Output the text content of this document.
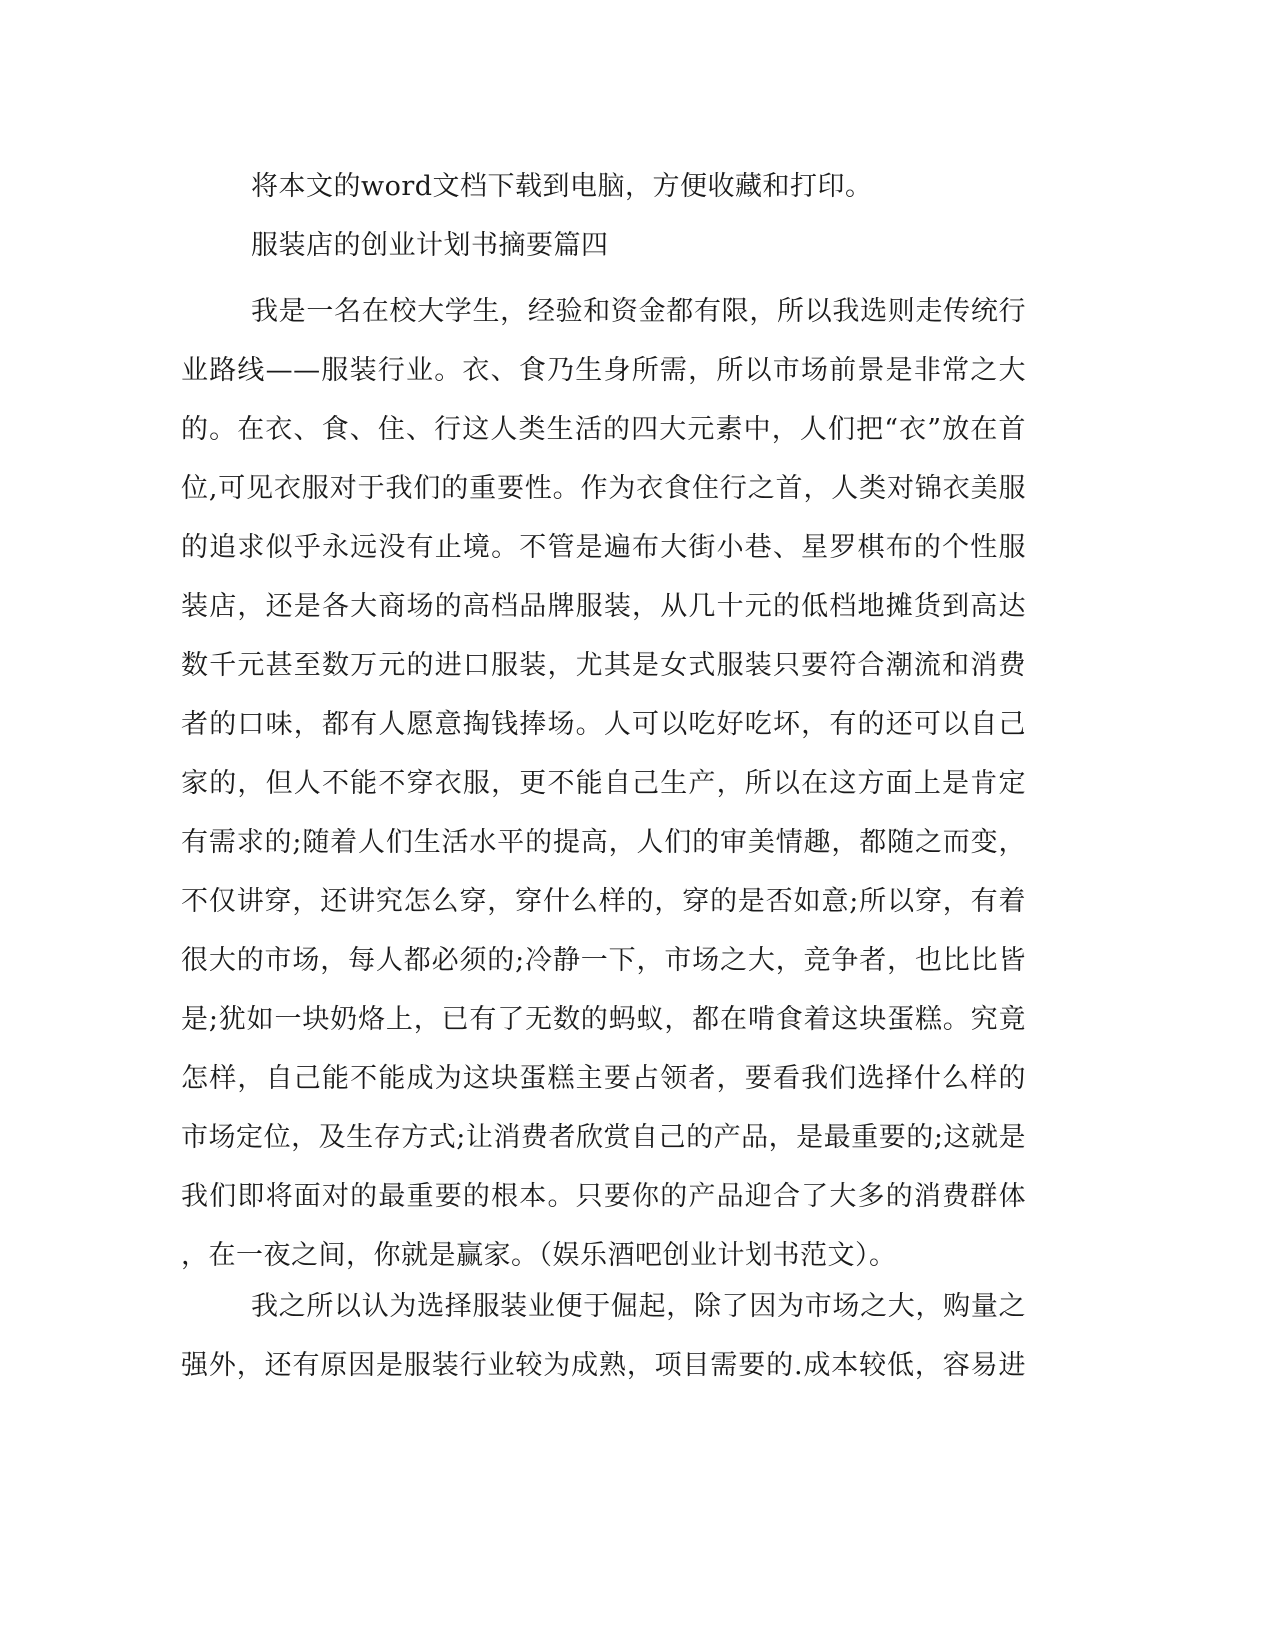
将本文的word文档下载到电脑，方便收藏和打印。

服装店的创业计划书摘要篇四

我是一名在校大学生，经验和资金都有限，所以我选则走传统行

业路线——服装行业。衣、食乃生身所需，所以市场前景是非常之大

的。在衣、食、住、行这人类生活的四大元素中，人们把“衣”放在首

位,可见衣服对于我们的重要性。作为衣食住行之首，人类对锦衣美服

的追求似乎永远没有止境。不管是遍布大街小巷、星罗棋布的个性服

装店，还是各大商场的高档品牌服装，从几十元的低档地摊货到高达

数千元甚至数万元的进口服装，尤其是女式服装只要符合潮流和消费

者的口味，都有人愿意掏钱捧场。人可以吃好吃坏，有的还可以自己

家的，但人不能不穿衣服，更不能自己生产，所以在这方面上是肯定

有需求的;随着人们生活水平的提高，人们的审美情趣，都随之而变，

不仅讲穿，还讲究怎么穿，穿什么样的，穿的是否如意;所以穿，有着

很大的市场，每人都必须的;冷静一下，市场之大，竞争者，也比比皆

是;犹如一块奶烙上，已有了无数的蚂蚁，都在啃食着这块蛋糕。究竟

怎样，自己能不能成为这块蛋糕主要占领者，要看我们选择什么样的

市场定位，及生存方式;让消费者欣赏自己的产品，是最重要的;这就是

我们即将面对的最重要的根本。只要你的产品迎合了大多的消费群体

，在一夜之间，你就是赢家。（娱乐酒吧创业计划书范文）。

我之所以认为选择服装业便于倔起，除了因为市场之大，购量之

强外，还有原因是服装行业较为成熟，项目需要的.成本较低，容易进
